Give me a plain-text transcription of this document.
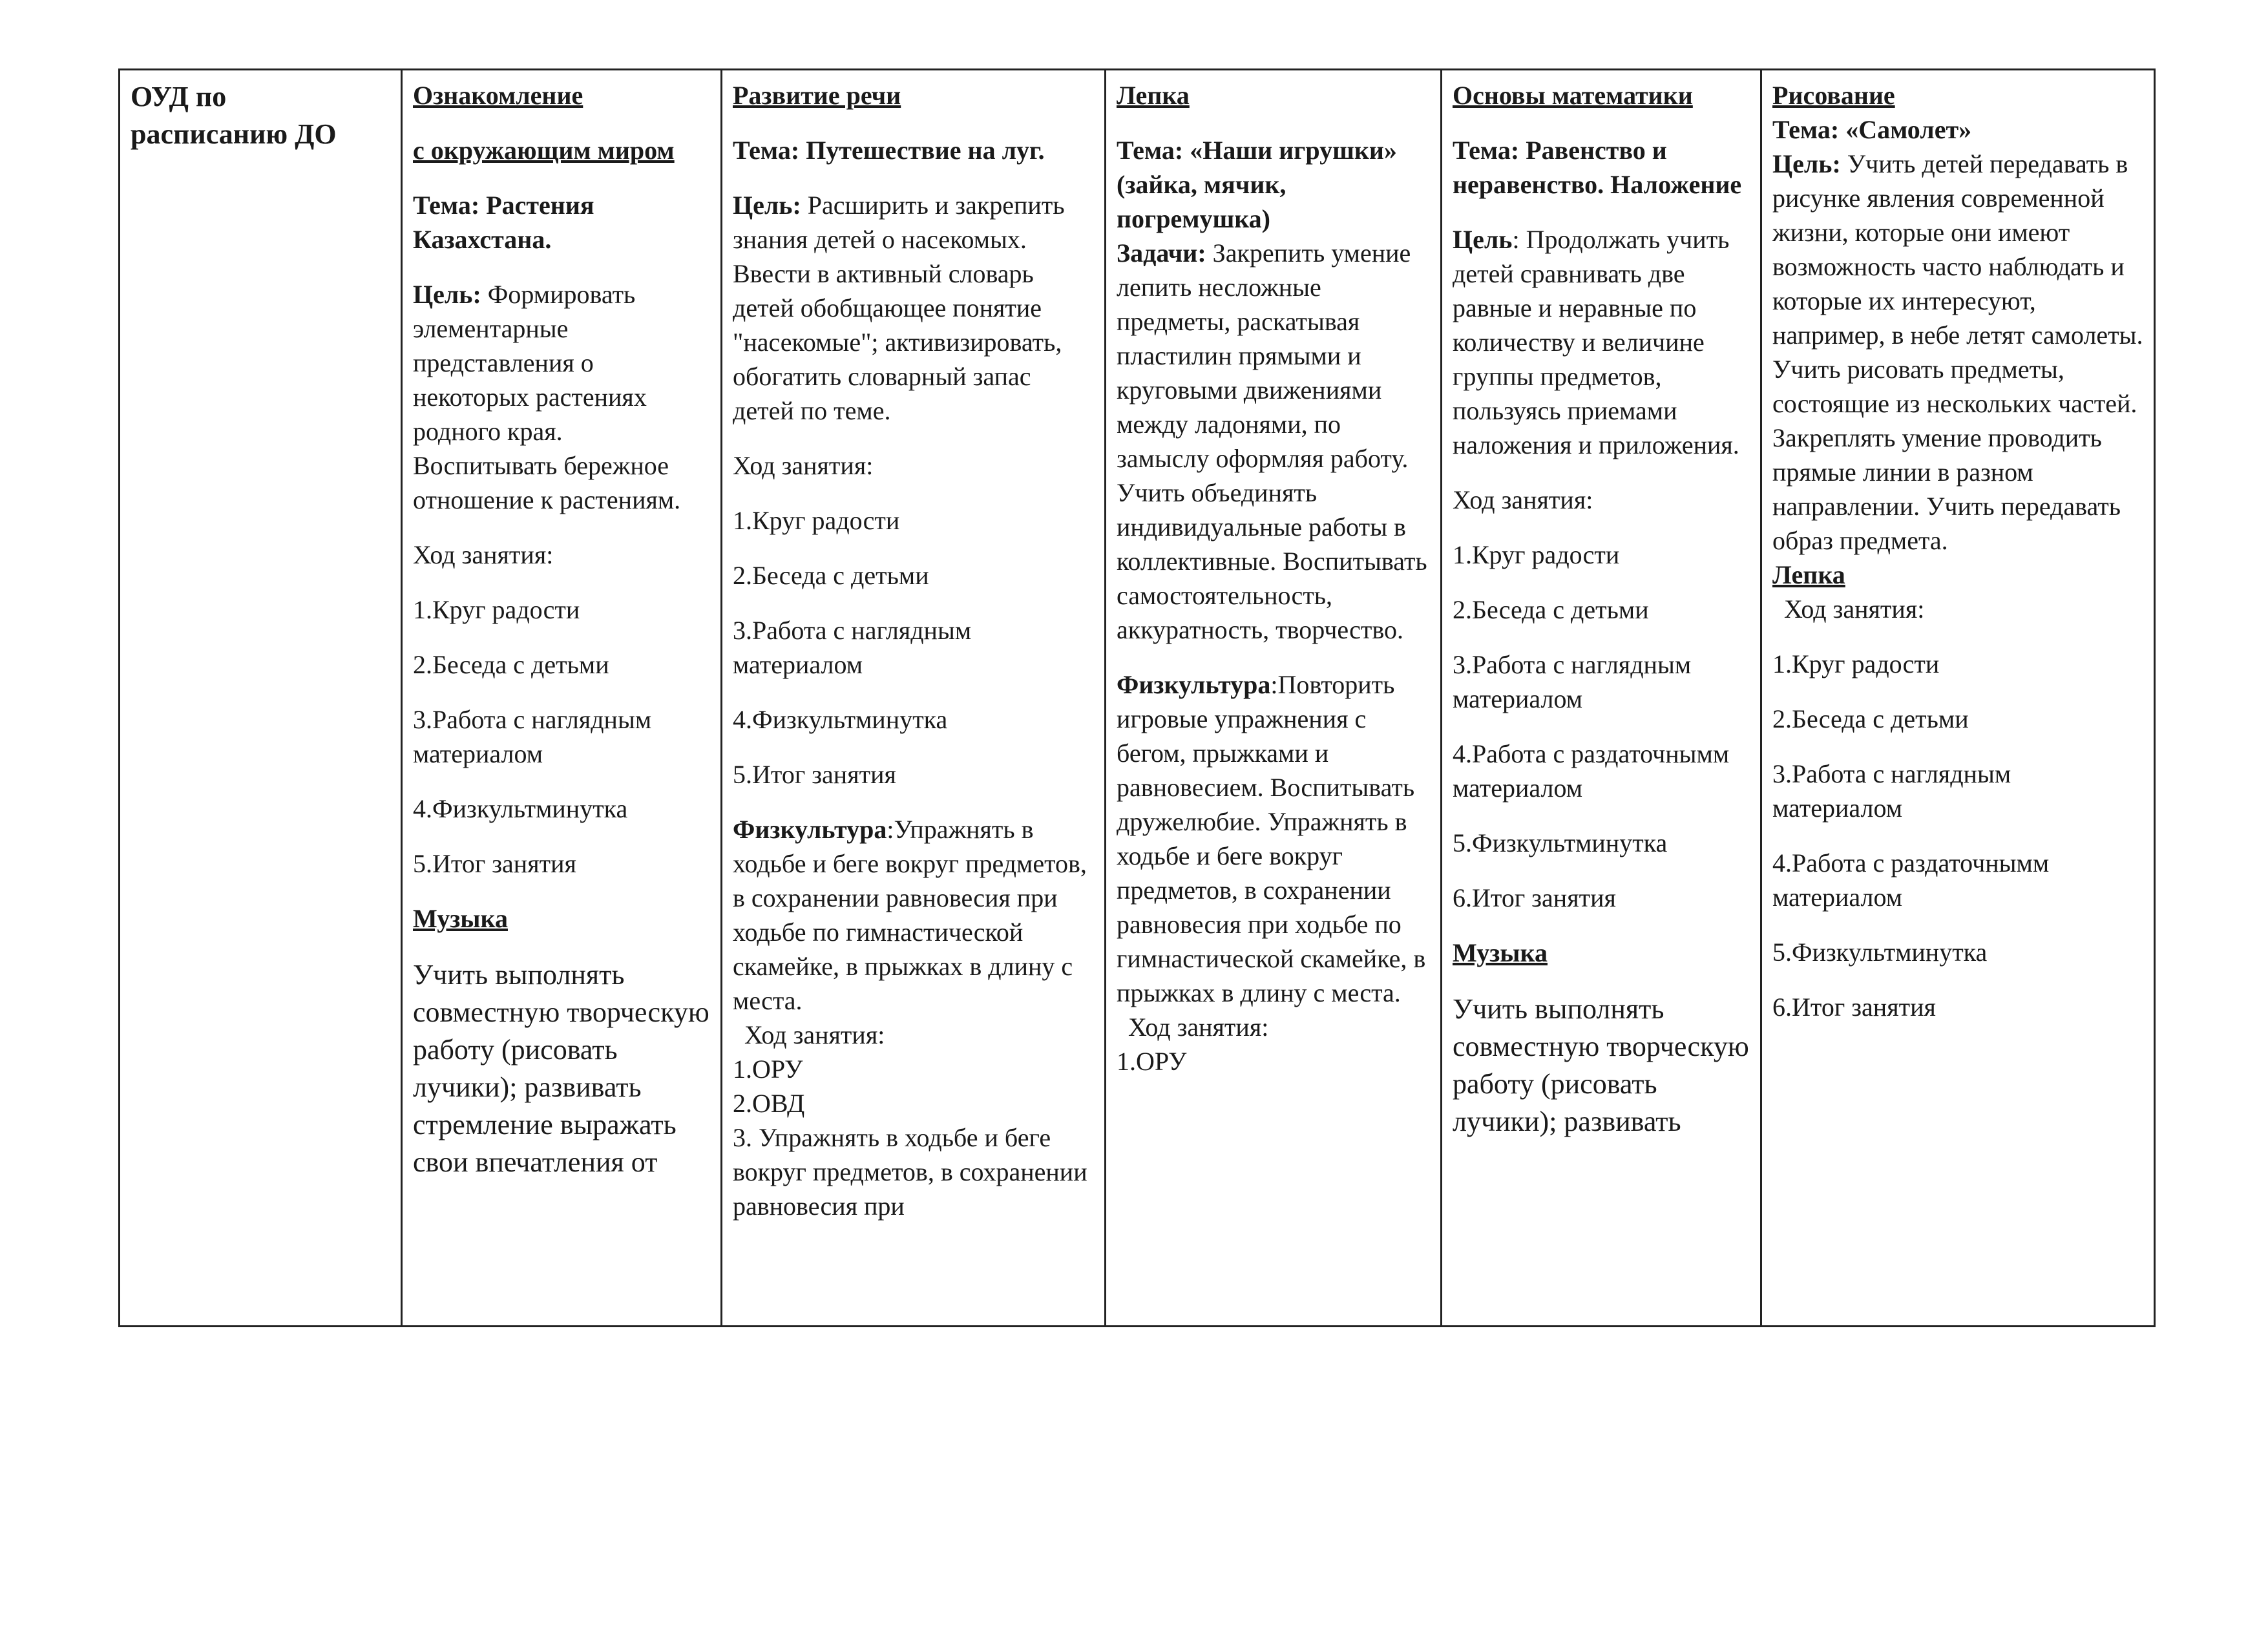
ОУД по расписанию ДО

Ознакомление
с окружающим миром
Тема: Растения Казахстана.
Цель: Формировать элементарные представления о некоторых растениях родного края. Воспитывать бережное отношение к растениям.
Ход занятия:
1.Круг радости
2.Беседа с детьми
3.Работа с наглядным материалом
4.Физкультминутка
5.Итог занятия
Музыка
Учить выполнять совместную творческую работу (рисовать лучики); развивать стремление выражать свои впечатления от

Развитие речи
Тема: Путешествие на луг.
Цель: Расширить и закрепить знания детей о насекомых. Ввести в активный словарь детей обобщающее понятие "насекомые"; активизировать, обогатить словарный запас детей по теме.
Ход занятия:
1.Круг радости
2.Беседа с детьми
3.Работа с наглядным материалом
4.Физкультминутка
5.Итог занятия
Физкультура:Упражнять в ходьбе и беге вокруг предметов, в сохранении равновесия при ходьбе по гимнастической скамейке, в прыжках в длину с места.
Ход занятия:
1.ОРУ
2.ОВД
3. Упражнять в ходьбе и беге вокруг предметов, в сохранении равновесия при

Лепка
Тема: «Наши игрушки» (зайка, мячик, погремушка)
Задачи: Закрепить умение лепить несложные предметы, раскатывая пластилин прямыми и круговыми движениями между ладонями, по замыслу оформляя работу. Учить объединять индивидуальные работы в коллективные. Воспитывать самостоятельность, аккуратность, творчество.
Физкультура:Повторить игровые упражнения с бегом, прыжками и равновесием. Воспитывать дружелюбие. Упражнять в ходьбе и беге вокруг предметов, в сохранении равновесия при ходьбе по гимнастической скамейке, в прыжках в длину с места.
Ход занятия:
1.ОРУ

Основы математики
Тема: Равенство и неравенство. Наложение
Цель: Продолжать учить детей сравнивать две равные и неравные по количеству и величине группы предметов, пользуясь приемами наложения и приложения.
Ход занятия:
1.Круг радости
2.Беседа с детьми
3.Работа с наглядным материалом
4.Работа с раздаточнымм материалом
5.Физкультминутка
6.Итог занятия
Музыка
Учить выполнять совместную творческую работу (рисовать лучики); развивать

Рисование
Тема: «Самолет»
Цель: Учить детей передавать в рисунке явления современной жизни, которые они имеют возможность часто наблюдать и которые их интересуют, например, в небе летят самолеты. Учить рисовать предметы, состоящие из нескольких частей. Закреплять умение проводить прямые линии в разном направлении. Учить передавать образ предмета.
Лепка
Ход занятия:
1.Круг радости
2.Беседа с детьми
3.Работа с наглядным материалом
4.Работа с раздаточнымм материалом
5.Физкультминутка
6.Итог занятия
